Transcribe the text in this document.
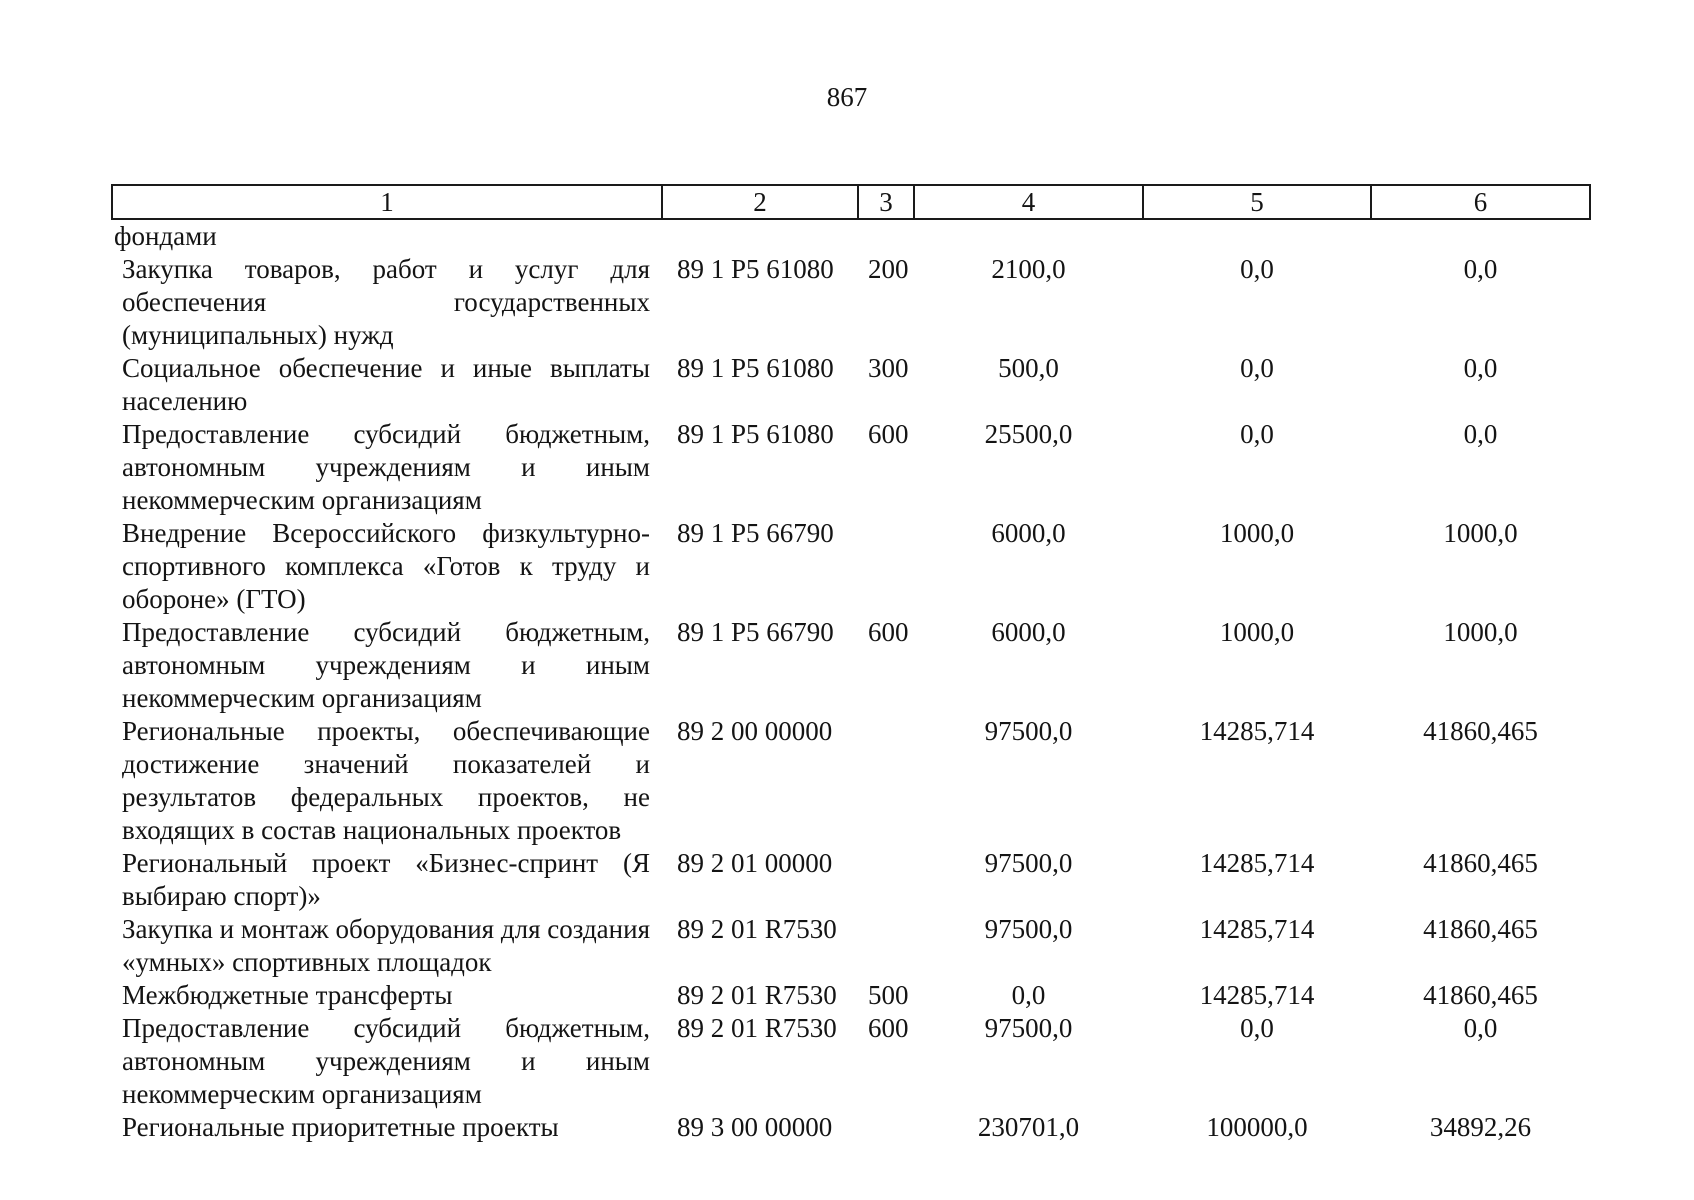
867
1	2	3	4	5	6
фондами					
Закупка товаров, работ и услуг для обеспечения государственных (муниципальных) нужд	89 1 P5 61080	200	2100,0	0,0	0,0
Социальное обеспечение и иные выплаты населению	89 1 P5 61080	300	500,0	0,0	0,0
Предоставление субсидий бюджетным, автономным учреждениям и иным некоммерческим организациям	89 1 P5 61080	600	25500,0	0,0	0,0
Внедрение Всероссийского физкультурно-спортивного комплекса «Готов к труду и обороне» (ГТО)	89 1 P5 66790		6000,0	1000,0	1000,0
Предоставление субсидий бюджетным, автономным учреждениям и иным некоммерческим организациям	89 1 P5 66790	600	6000,0	1000,0	1000,0
Региональные проекты, обеспечивающие достижение значений показателей и результатов федеральных проектов, не входящих в состав национальных проектов	89 2 00 00000		97500,0	14285,714	41860,465
Региональный проект «Бизнес-спринт (Я выбираю спорт)»	89 2 01 00000		97500,0	14285,714	41860,465
Закупка и монтаж оборудования для создания «умных» спортивных площадок	89 2 01 R7530		97500,0	14285,714	41860,465
Межбюджетные трансферты	89 2 01 R7530	500	0,0	14285,714	41860,465
Предоставление субсидий бюджетным, автономным учреждениям и иным некоммерческим организациям	89 2 01 R7530	600	97500,0	0,0	0,0
Региональные приоритетные проекты	89 3 00 00000		230701,0	100000,0	34892,26
